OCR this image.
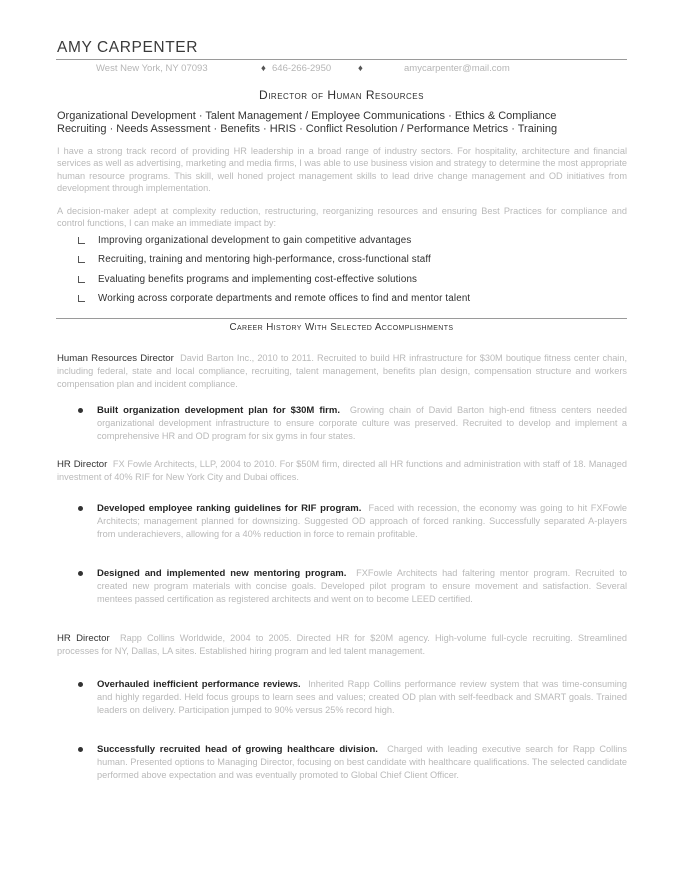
AMY CARPENTER
West New York, NY 07093	♦ 646-266-2950	♦	amycarpenter@mail.com
Director of Human Resources
Organizational Development · Talent Management / Employee Communications · Ethics & Compliance
Recruiting · Needs Assessment · Benefits · HRIS · Conflict Resolution / Performance Metrics · Training

I have a strong track record of providing HR leadership in a broad range of industry sectors. For hospitality, architecture and financial services as well as advertising, marketing and media firms, I was able to use business vision and strategy to determine the most appropriate human resource programs. This skill, well honed project management skills to lead drive change management and OD initiatives from development through implementation.

A decision-maker adept at complexity reduction, restructuring, reorganizing resources and ensuring Best Practices for compliance and control functions, I can make an immediate impact by:

Improving organizational development to gain competitive advantages
Recruiting, training and mentoring high-performance, cross-functional staff
Evaluating benefits programs and implementing cost-effective solutions
Working across corporate departments and remote offices to find and mentor talent
Career History With Selected Accomplishments

Human Resources Director David Barton Inc., 2010 to 2011. Recruited to build HR infrastructure for $30M boutique fitness center chain, including federal, state and local compliance, recruiting, talent management, benefits plan design, compensation structure and workers compensation plan and incident compliance.

Built organization development plan for $30M firm. Growing chain of David Barton high-end fitness centers needed organizational development infrastructure to ensure corporate culture was preserved. Recruited to develop and implement a comprehensive HR and OD program for six gyms in four states.

HR Director FX Fowle Architects, LLP, 2004 to 2010. For $50M firm, directed all HR functions and administration with staff of 18. Managed investment of 40% RIF for New York City and Dubai offices.

Developed employee ranking guidelines for RIF program. Faced with recession, the economy was going to hit FXFowle Architects; management planned for downsizing. Suggested OD approach of forced ranking. Successfully separated A-players from underachievers, allowing for a 40% reduction in force to remain profitable.

Designed and implemented new mentoring program. FXFowle Architects had faltering mentor program. Recruited to created new program materials with concise goals. Developed pilot program to ensure movement and satisfaction. Several mentees passed certification as registered architects and went on to become LEED certified.

HR Director Rapp Collins Worldwide, 2004 to 2005. Directed HR for $20M agency. High-volume full-cycle recruiting. Streamlined processes for NY, Dallas, LA sites. Established hiring program and led talent management.

Overhauled inefficient performance reviews. Inherited Rapp Collins performance review system that was time-consuming and highly regarded. Held focus groups to learn sees and values; created OD plan with self-feedback and SMART goals. Trained leaders on delivery. Participation jumped to 90% versus 25% record high.

Successfully recruited head of growing healthcare division. Charged with leading executive search for Rapp Collins human. Presented options to Managing Director, focusing on best candidate with healthcare qualifications. The selected candidate performed above expectation and was eventually promoted to Global Chief Client Officer.
